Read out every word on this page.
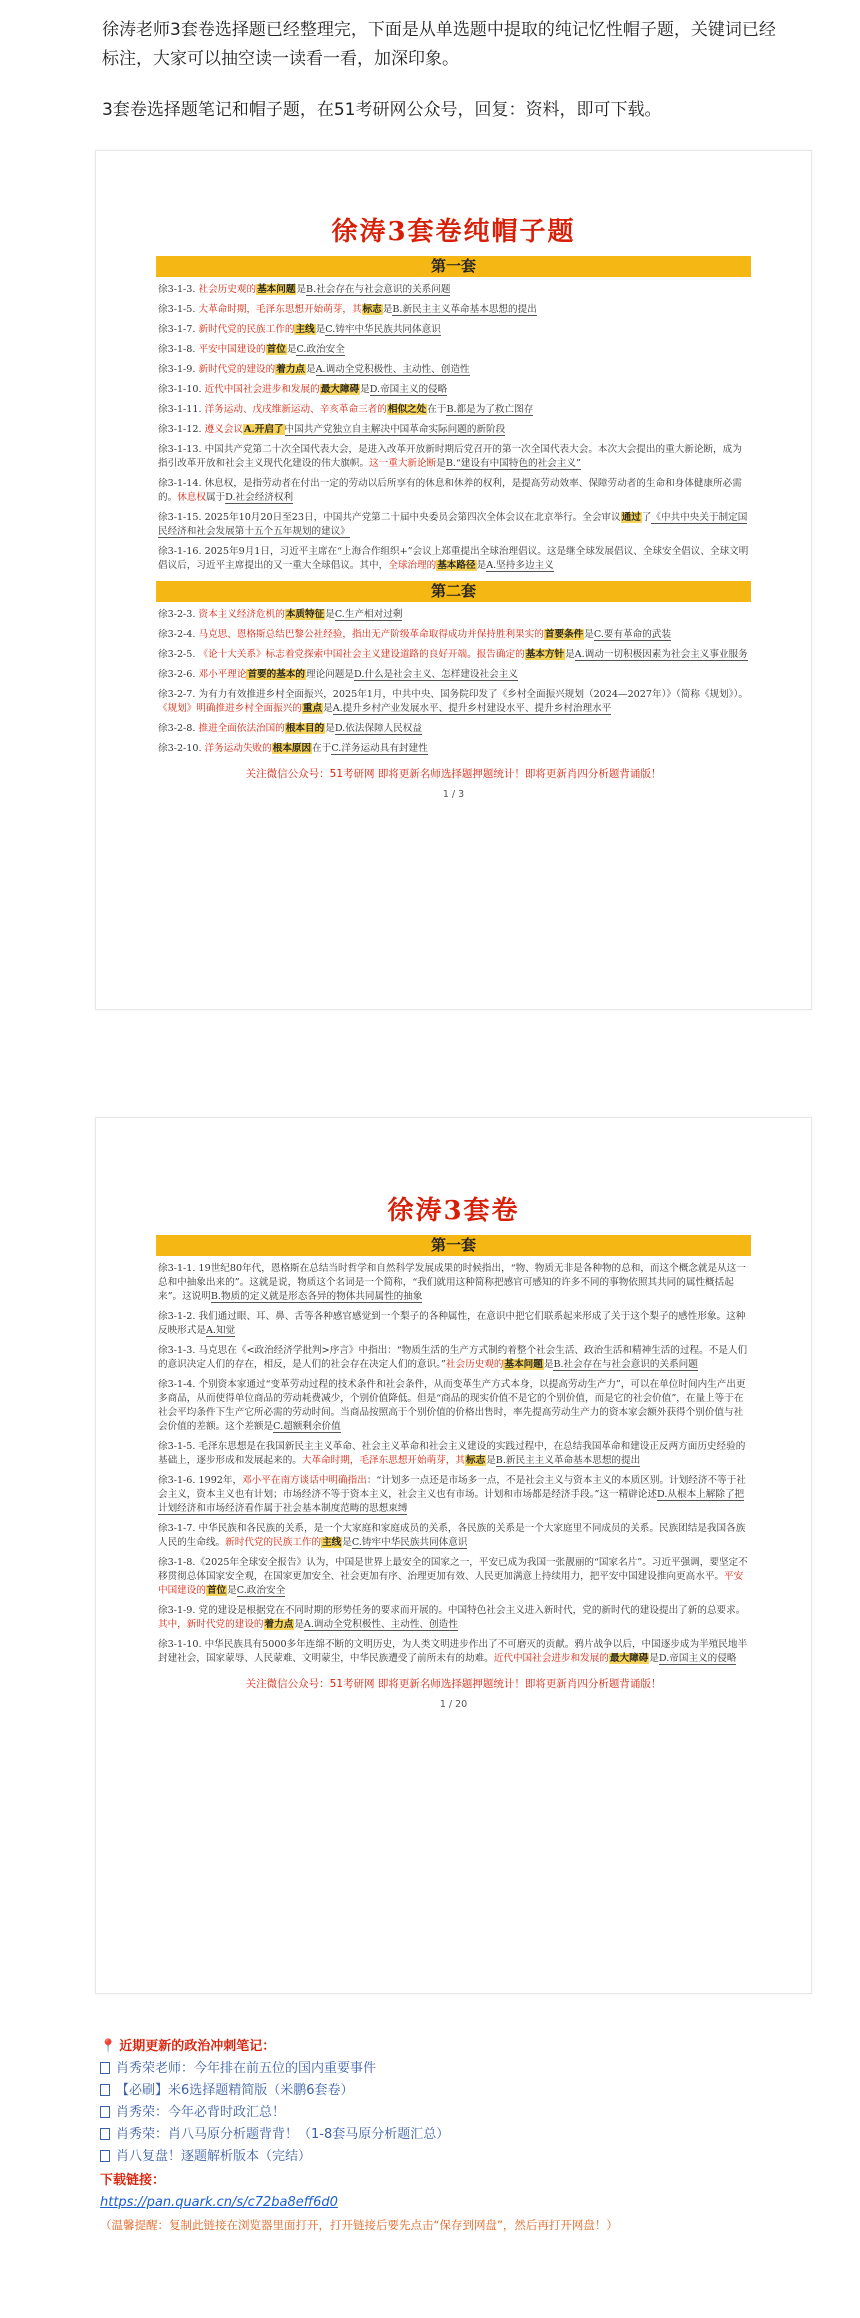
徐涛老师3套卷选择题已经整理完，下面是从单选题中提取的纯记忆性帽子题，关键词已经标注，大家可以抽空读一读看一看，加深印象。

3套卷选择题笔记和帽子题，在51考研网公众号，回复：资料，即可下载。

徐涛3套卷纯帽子题
第一套
徐3-1-3. 社会历史观的基本问题是B.社会存在与社会意识的关系问题
徐3-1-5. 大革命时期，毛泽东思想开始萌芽，其标志是B.新民主主义革命基本思想的提出
徐3-1-7. 新时代党的民族工作的主线是C.铸牢中华民族共同体意识
徐3-1-8. 平安中国建设的首位是C.政治安全
徐3-1-9. 新时代党的建设的着力点是A.调动全党积极性、主动性、创造性
徐3-1-10. 近代中国社会进步和发展的最大障碍是D.帝国主义的侵略
徐3-1-11. 洋务运动、戊戌维新运动、辛亥革命三者的相似之处在于B.都是为了救亡图存
徐3-1-12. 遵义会议A.开启了中国共产党独立自主解决中国革命实际问题的新阶段
徐3-1-13. 中国共产党第二十次全国代表大会，是进入改革开放新时期后党召开的第一次全国代表大会。本次大会提出的重大新论断，成为指引改革开放和社会主义现代化建设的伟大旗帜。这一重大新论断是B.“建设有中国特色的社会主义”
徐3-1-14. 休息权，是指劳动者在付出一定的劳动以后所享有的休息和休养的权利，是提高劳动效率、保障劳动者的生命和身体健康所必需的。休息权属于D.社会经济权利
徐3-1-15. 2025年10月20日至23日，中国共产党第二十届中央委员会第四次全体会议在北京举行。全会审议通过了《中共中央关于制定国民经济和社会发展第十五个五年规划的建议》
徐3-1-16. 2025年9月1日，习近平主席在“上海合作组织+”会议上郑重提出全球治理倡议。这是继全球发展倡议、全球安全倡议、全球文明倡议后，习近平主席提出的又一重大全球倡议。其中，全球治理的基本路径是A.坚持多边主义
第二套
徐3-2-3. 资本主义经济危机的本质特征是C.生产相对过剩
徐3-2-4. 马克思、恩格斯总结巴黎公社经验，指出无产阶级革命取得成功并保持胜利果实的首要条件是C.要有革命的武装
徐3-2-5. 《论十大关系》标志着党探索中国社会主义建设道路的良好开端。报告确定的基本方针是A.调动一切积极因素为社会主义事业服务
徐3-2-6. 邓小平理论首要的基本的理论问题是D.什么是社会主义、怎样建设社会主义
徐3-2-7. 为有力有效推进乡村全面振兴，2025年1月，中共中央、国务院印发了《乡村全面振兴规划（2024—2027年）》（简称《规划》）。《规划》明确推进乡村全面振兴的重点是A.提升乡村产业发展水平、提升乡村建设水平、提升乡村治理水平
徐3-2-8. 推进全面依法治国的根本目的是D.依法保障人民权益
徐3-2-10. 洋务运动失败的根本原因在于C.洋务运动具有封建性
关注微信公众号：51考研网 即将更新名师选择题押题统计！即将更新肖四分析题背诵版！
1 / 3
徐涛3套卷
第一套
徐3-1-1. 19世纪80年代，恩格斯在总结当时哲学和自然科学发展成果的时候指出，“物、物质无非是各种物的总和，而这个概念就是从这一总和中抽象出来的”。这就是说，物质这个名词是一个简称，“我们就用这种简称把感官可感知的许多不同的事物依照其共同的属性概括起来”。这说明B.物质的定义就是形态各异的物体共同属性的抽象
徐3-1-2. 我们通过眼、耳、鼻、舌等各种感官感觉到一个梨子的各种属性，在意识中把它们联系起来形成了关于这个梨子的感性形象。这种反映形式是A.知觉
徐3-1-3. 马克思在《<政治经济学批判>序言》中指出：“物质生活的生产方式制约着整个社会生活、政治生活和精神生活的过程。不是人们的意识决定人们的存在，相反，是人们的社会存在决定人们的意识。”社会历史观的基本问题是B.社会存在与社会意识的关系问题
徐3-1-4. 个别资本家通过“变革劳动过程的技术条件和社会条件，从而变革生产方式本身，以提高劳动生产力”，可以在单位时间内生产出更多商品，从而使得单位商品的劳动耗费减少，个别价值降低。但是“商品的现实价值不是它的个别价值，而是它的社会价值”，在量上等于在社会平均条件下生产它所必需的劳动时间。当商品按照高于个别价值的价格出售时，率先提高劳动生产力的资本家会额外获得个别价值与社会价值的差额。这个差额是C.超额剩余价值
徐3-1-5. 毛泽东思想是在我国新民主主义革命、社会主义革命和社会主义建设的实践过程中，在总结我国革命和建设正反两方面历史经验的基础上，逐步形成和发展起来的。大革命时期，毛泽东思想开始萌芽，其标志是B.新民主主义革命基本思想的提出
徐3-1-6. 1992年，邓小平在南方谈话中明确指出：“计划多一点还是市场多一点，不是社会主义与资本主义的本质区别。计划经济不等于社会主义，资本主义也有计划；市场经济不等于资本主义，社会主义也有市场。计划和市场都是经济手段。”这一精辟论述D.从根本上解除了把计划经济和市场经济看作属于社会基本制度范畴的思想束缚
徐3-1-7. 中华民族和各民族的关系，是一个大家庭和家庭成员的关系，各民族的关系是一个大家庭里不同成员的关系。民族团结是我国各族人民的生命线。新时代党的民族工作的主线是C.铸牢中华民族共同体意识
徐3-1-8.《2025年全球安全报告》认为，中国是世界上最安全的国家之一，平安已成为我国一张靓丽的“国家名片”。习近平强调，要坚定不移贯彻总体国家安全观，在国家更加安全、社会更加有序、治理更加有效、人民更加满意上持续用力，把平安中国建设推向更高水平。平安中国建设的首位是C.政治安全
徐3-1-9. 党的建设是根据党在不同时期的形势任务的要求而开展的。中国特色社会主义进入新时代，党的新时代的建设提出了新的总要求。其中，新时代党的建设的着力点是A.调动全党积极性、主动性、创造性
徐3-1-10. 中华民族具有5000多年连绵不断的文明历史，为人类文明进步作出了不可磨灭的贡献。鸦片战争以后，中国逐步成为半殖民地半封建社会，国家蒙辱、人民蒙难、文明蒙尘，中华民族遭受了前所未有的劫难。近代中国社会进步和发展的最大障碍是D.帝国主义的侵略
关注微信公众号：51考研网 即将更新名师选择题押题统计！即将更新肖四分析题背诵版！
1 / 20
📍 近期更新的政治冲刺笔记：
肖秀荣老师：今年排在前五位的国内重要事件
【必刷】米6选择题精简版（米鹏6套卷）
肖秀荣：今年必背时政汇总！
肖秀荣：肖八马原分析题背背！（1-8套马原分析题汇总）
肖八复盘！逐题解析版本（完结）
下载链接：
https://pan.quark.cn/s/c72ba8eff6d0
（温馨提醒：复制此链接在浏览器里面打开，打开链接后要先点击“保存到网盘”，然后再打开网盘！）
